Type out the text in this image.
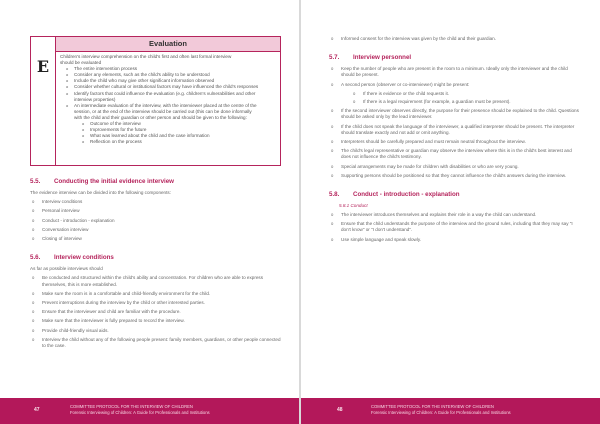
E
Evaluation
Children's interview comprehension on the child's first and often last formal interview
should be evaluated
o The entire intervention process
o Consider any elements, such as the child's ability to be understood
o Include the child who may give other significant information observed
o Consider whether cultural or institutional factors may have influenced the child's responses
o Identify factors that could influence the evaluation (e.g. children's vulnerabilities and other
interview properties)
o An intermediate evaluation of the interview, with the interviewer placed at the centre of the
session, or at the end of the interview should be carried out (this can be done informally
with the child and their guardian or other person and should be given to the following:
o Outcome of the interview
o Improvements for the future
o What was learned about the child and the case information
o Reflection on the process
5.5. Conducting the initial evidence interview
The evidence interview can be divided into the following components:
o Interview conditions
o Personal interview
o Conduct - introduction - explanation
o Conversation interview
o Closing of interview
5.6. Interview conditions
As far as possible interviews should
o Be conducted and structured within the child's ability and concentration. For children who are able to express themselves, this is more established.
o Make sure the room is in a comfortable and child-friendly environment for the child.
o Prevent interruptions during the interview by the child or other interested parties.
o Ensure that the interviewer and child are familiar with the procedure.
o Make sure that the interviewer is fully prepared to record the interview.
o Provide child-friendly visual aids.
o Interview the child without any of the following people present: family members, guardians, or other people connected to the case.
47
COMMITTEE PROTOCOL FOR THE INTERVIEW OF CHILDREN
Forensic Interviewing of Children: A Guide for Professionals and Institutions
o Informed consent for the interview was given by the child and their guardian.
5.7. Interview personnel
o Keep the number of people who are present in the room to a minimum. Ideally only the interviewer and the child should be present.
o A second person (observer or co-interviewer) might be present:
o If there is evidence or the child requests it.
o If there is a legal requirement (for example, a guardian must be present).
o If the second interviewer observes directly, the purpose for their presence should be explained to the child. Questions should be asked only by the lead interviewer.
o If the child does not speak the language of the interviewer, a qualified interpreter should be present. The interpreter should translate exactly and not add or omit anything.
o Interpreters should be carefully prepared and must remain neutral throughout the interview.
o The child's legal representative or guardian may observe the interview where this is in the child's best interest and does not influence the child's testimony.
o Special arrangements may be made for children with disabilities or who are very young.
o Supporting persons should be positioned so that they cannot influence the child's answers during the interview.
5.8. Conduct - introduction - explanation
5.8.1 Conduct
o The interviewer introduces themselves and explains their role in a way the child can understand.
o Ensure that the child understands the purpose of the interview and the ground rules, including that they may say "I don't know" or "I don't understand".
o Use simple language and speak slowly.
48
COMMITTEE PROTOCOL FOR THE INTERVIEW OF CHILDREN
Forensic Interviewing of Children: A Guide for Professionals and Institutions
